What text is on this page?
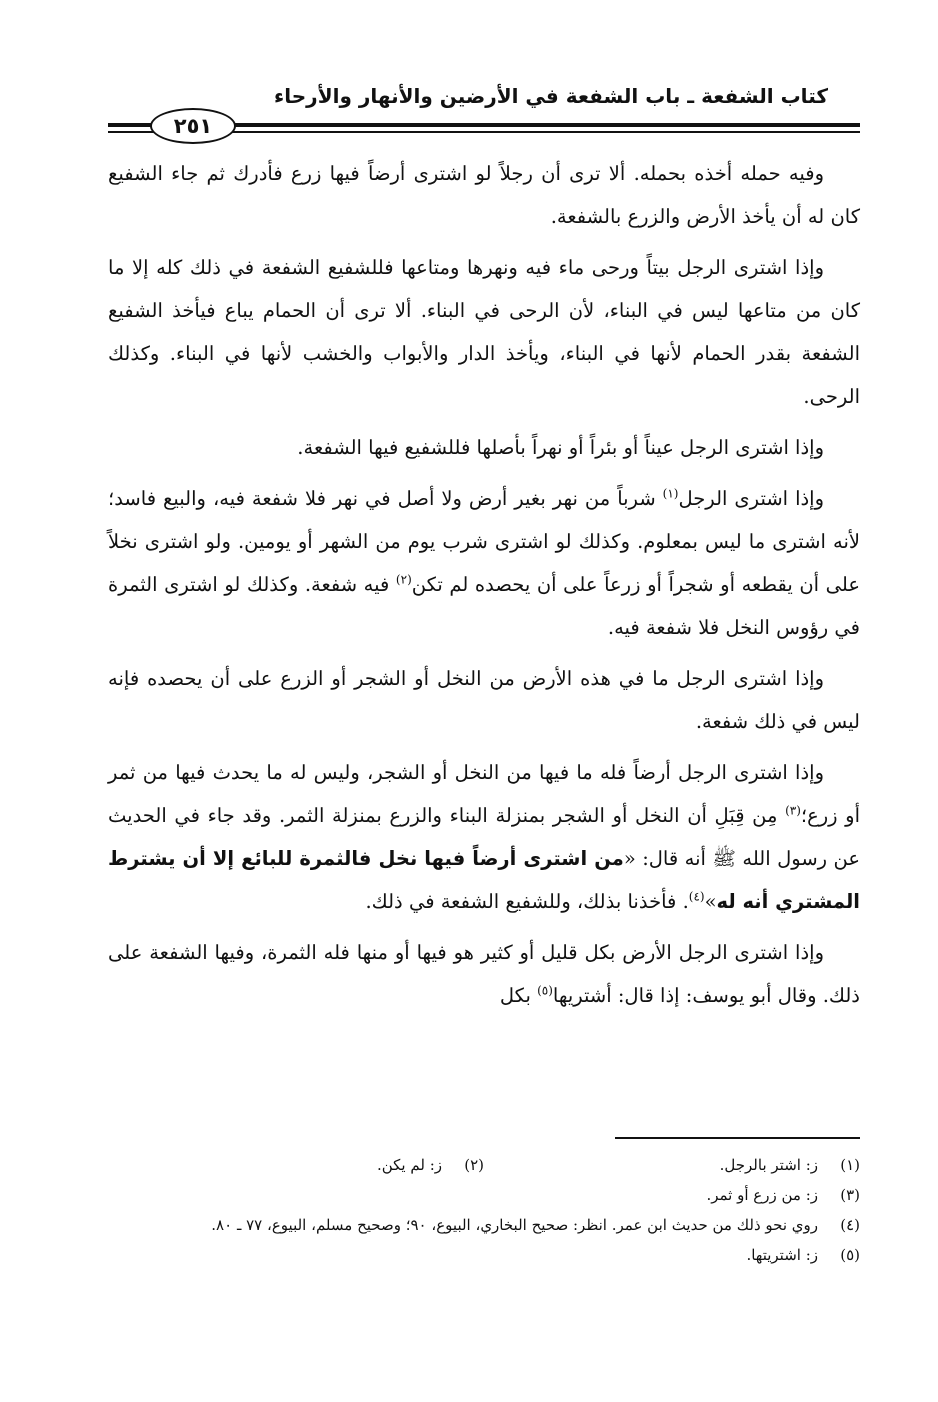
كتاب الشفعة ـ باب الشفعة في الأرضين والأنهار والأرحاء
٢٥١

وفيه حمله أخذه بحمله. ألا ترى أن رجلاً لو اشترى أرضاً فيها زرع فأدرك ثم جاء الشفيع كان له أن يأخذ الأرض والزرع بالشفعة.

وإذا اشترى الرجل بيتاً ورحى ماء فيه ونهرها ومتاعها فللشفيع الشفعة في ذلك كله إلا ما كان من متاعها ليس في البناء، لأن الرحى في البناء. ألا ترى أن الحمام يباع فيأخذ الشفيع الشفعة بقدر الحمام لأنها في البناء، ويأخذ الدار والأبواب والخشب لأنها في البناء. وكذلك الرحى.

وإذا اشترى الرجل عيناً أو بئراً أو نهراً بأصلها فللشفيع فيها الشفعة.

وإذا اشترى الرجل$^{(١)}$ شرباً من نهر بغير أرض ولا أصل في نهر فلا شفعة فيه، والبيع فاسد؛ لأنه اشترى ما ليس بمعلوم. وكذلك لو اشترى شرب يوم من الشهر أو يومين. ولو اشترى نخلاً على أن يقطعه أو شجراً أو زرعاً على أن يحصده لم تكن$^{(٢)}$ فيه شفعة. وكذلك لو اشترى الثمرة في رؤوس النخل فلا شفعة فيه.

وإذا اشترى الرجل ما في هذه الأرض من النخل أو الشجر أو الزرع على أن يحصده فإنه ليس في ذلك شفعة.

وإذا اشترى الرجل أرضاً فله ما فيها من النخل أو الشجر، وليس له ما يحدث فيها من ثمر أو زرع؛$^{(٣)}$ مِن قِبَلِ أن النخل أو الشجر بمنزلة البناء والزرع بمنزلة الثمر. وقد جاء في الحديث عن رسول الله ﷺ أنه قال: «من اشترى أرضاً فيها نخل فالثمرة للبائع إلا أن يشترط المشتري أنه له»$^{(٤)}$. فأخذنا بذلك، وللشفيع الشفعة في ذلك.

وإذا اشترى الرجل الأرض بكل قليل أو كثير هو فيها أو منها فله الثمرة، وفيها الشفعة على ذلك. وقال أبو يوسف: إذا قال: أشتريها$^{(٥)}$ بكل

(١)
ز: اشتر بالرجل.
(٢)
ز: لم يكن.
(٣)
ز: من زرع أو ثمر.
(٤)
روي نحو ذلك من حديث ابن عمر. انظر: صحيح البخاري، البيوع، ٩٠؛ وصحيح مسلم، البيوع، ٧٧ ـ ٨٠.
(٥)
ز: اشتريتها.
